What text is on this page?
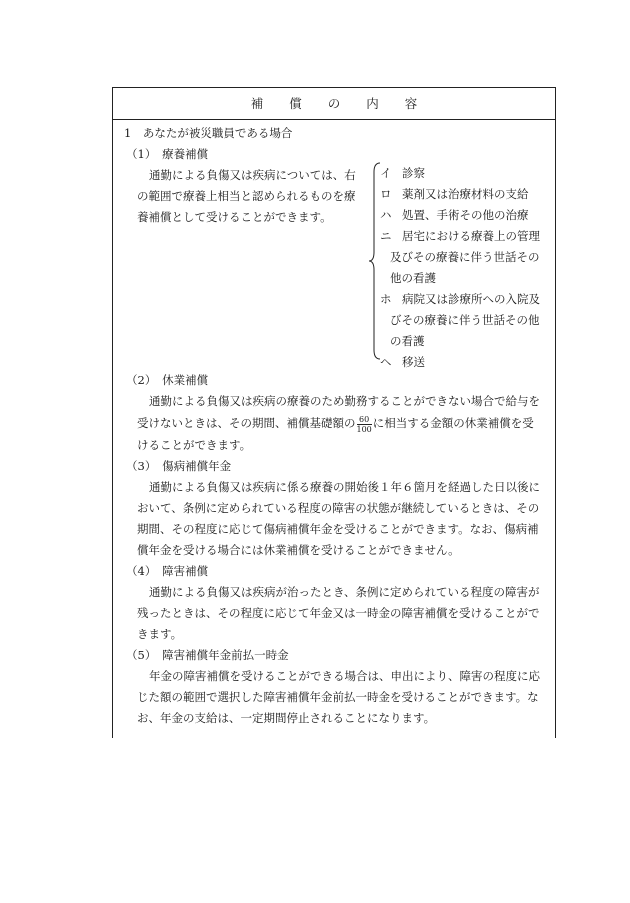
補償の内容
1　 あなたが被災職員である場合
（1）　 療養補償
通勤による負傷又は疾病については、右
の範囲で療養上相当と認められるものを療
養補償として受けることができます。
イ 診察
ロ 薬剤又は治療材料の支給
ハ 処置、手術その他の治療
ニ 居宅における療養上の管理
及びその療養に伴う世話その
他の看護
ホ 病院又は診療所への入院及
びその療養に伴う世話その他
の看護
ヘ 移送
（2）　 休業補償
通勤による負傷又は疾病の療養のため勤務することができない場合で給与を
受けないときは、その期間、補償基礎額の $\frac{60}{100}$ に相当する金額の休業補償を受
けることができます。
（3）　 傷病補償年金
通勤による負傷又は疾病に係る療養の開始後１年６箇月を経過した日以後に
おいて、条例に定められている程度の障害の状態が継続しているときは、その
期間、その程度に応じて傷病補償年金を受けることができます。なお、傷病補
償年金を受ける場合には休業補償を受けることができません。
（4）　 障害補償
通勤による負傷又は疾病が治ったとき、条例に定められている程度の障害が
残ったときは、その程度に応じて年金又は一時金の障害補償を受けることがで
きます。
（5）　 障害補償年金前払一時金
年金の障害補償を受けることができる場合は、申出により、障害の程度に応
じた額の範囲で選択した障害補償年金前払一時金を受けることができます。な
お、年金の支給は、一定期間停止されることになります。
